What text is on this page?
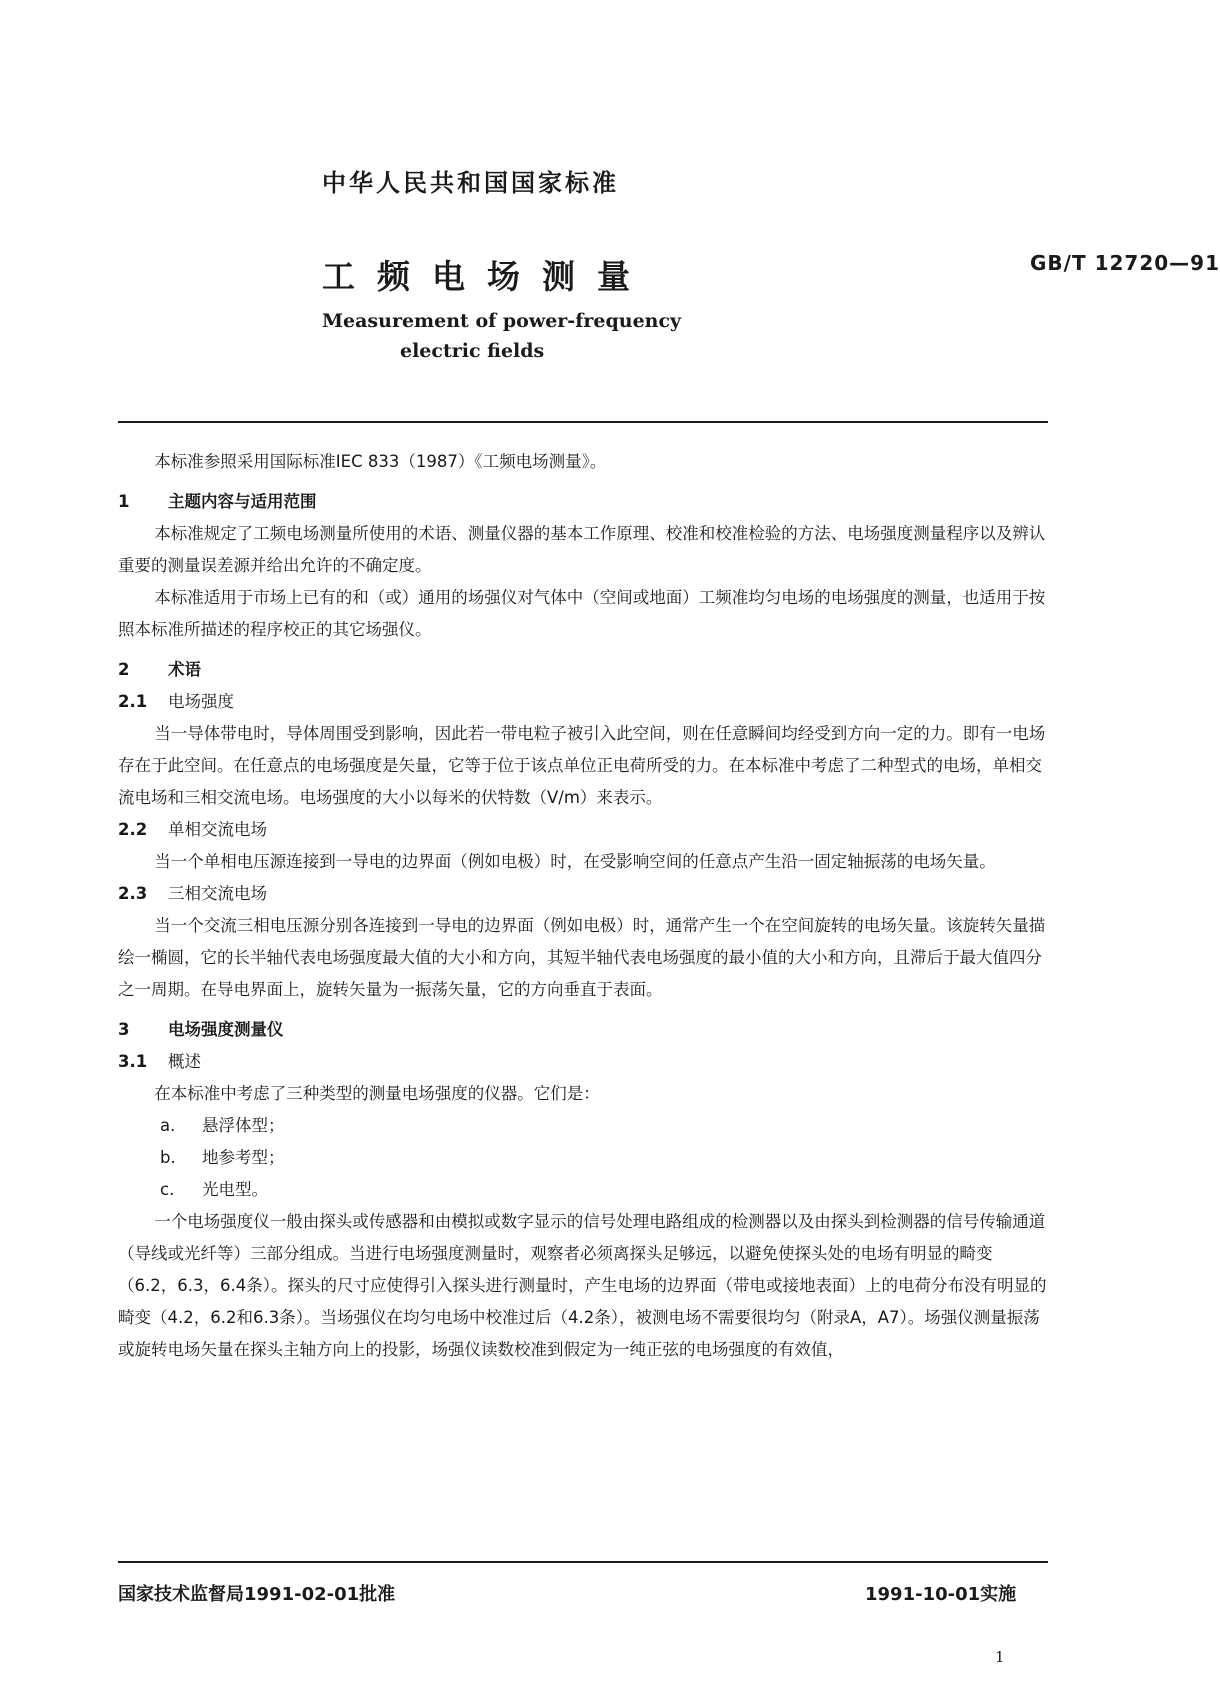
中华人民共和国国家标准
工频电场测量	GB/T 12720—91
Measurement of power-frequency
electric fields

本标准参照采用国际标准IEC 833（1987）《工频电场测量》。

1 主题内容与适用范围

本标准规定了工频电场测量所使用的术语、测量仪器的基本工作原理、校准和校准检验的方法、电场强度测量程序以及辨认重要的测量误差源并给出允许的不确定度。

本标准适用于市场上已有的和（或）通用的场强仪对气体中（空间或地面）工频准均匀电场的电场强度的测量，也适用于按照本标准所描述的程序校正的其它场强仪。

2 术语

2.1 电场强度

当一导体带电时，导体周围受到影响，因此若一带电粒子被引入此空间，则在任意瞬间均经受到方向一定的力。即有一电场存在于此空间。在任意点的电场强度是矢量，它等于位于该点单位正电荷所受的力。在本标准中考虑了二种型式的电场，单相交流电场和三相交流电场。电场强度的大小以每米的伏特数（V/m）来表示。

2.2 单相交流电场

当一个单相电压源连接到一导电的边界面（例如电极）时，在受影响空间的任意点产生沿一固定轴振荡的电场矢量。

2.3 三相交流电场

当一个交流三相电压源分别各连接到一导电的边界面（例如电极）时，通常产生一个在空间旋转的电场矢量。该旋转矢量描绘一椭圆，它的长半轴代表电场强度最大值的大小和方向，其短半轴代表电场强度的最小值的大小和方向，且滞后于最大值四分之一周期。在导电界面上，旋转矢量为一振荡矢量，它的方向垂直于表面。

3 电场强度测量仪

3.1 概述

在本标准中考虑了三种类型的测量电场强度的仪器。它们是：

a. 悬浮体型；

b. 地参考型；

c. 光电型。

一个电场强度仪一般由探头或传感器和由模拟或数字显示的信号处理电路组成的检测器以及由探头到检测器的信号传输通道（导线或光纤等）三部分组成。当进行电场强度测量时，观察者必须离探头足够远，以避免使探头处的电场有明显的畸变（6.2，6.3，6.4条）。探头的尺寸应使得引入探头进行测量时，产生电场的边界面（带电或接地表面）上的电荷分布没有明显的畸变（4.2，6.2和6.3条）。当场强仪在均匀电场中校准过后（4.2条），被测电场不需要很均匀（附录A，A7）。场强仪测量振荡或旋转电场矢量在探头主轴方向上的投影，场强仪读数校准到假定为一纯正弦的电场强度的有效值，

国家技术监督局1991-02-01批准	1991-10-01实施
1
